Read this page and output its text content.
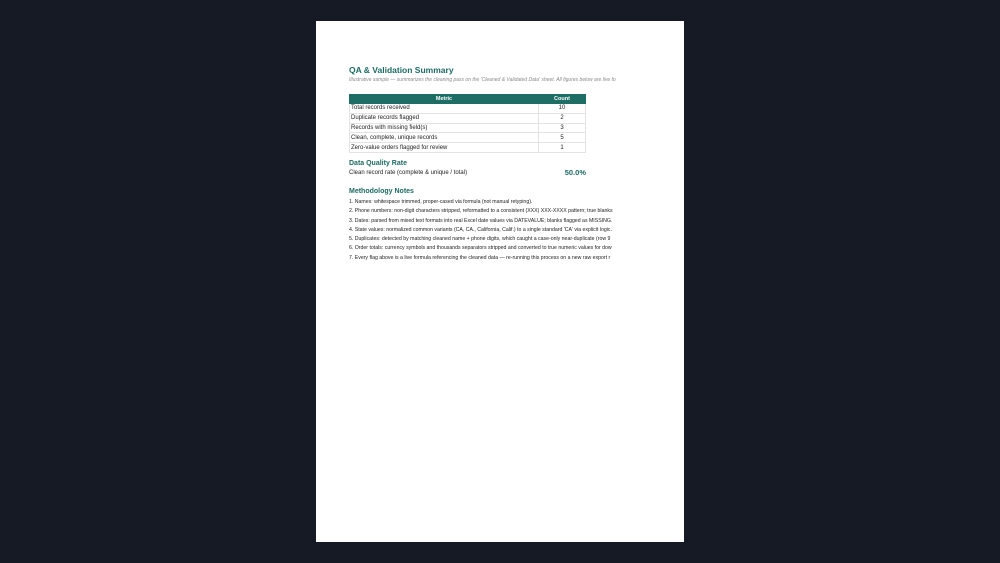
QA & Validation Summary
Illustrative sample — summarizes the cleaning pass on the 'Cleaned & Validated Data' sheet. All figures below are live fo
Metric	Count
Total records received	10
Duplicate records flagged	2
Records with missing field(s)	3
Clean, complete, unique records	5
Zero-value orders flagged for review	1
Data Quality Rate
Clean record rate (complete & unique / total)	50.0%
Methodology Notes
1. Names: whitespace trimmed, proper-cased via formula (not manual retyping).
2. Phone numbers: non-digit characters stripped, reformatted to a consistent (XXX) XXX-XXXX pattern; true blanks
3. Dates: parsed from mixed text formats into real Excel date values via DATEVALUE; blanks flagged as MISSING.
4. State values: normalized common variants (CA, CA., California, Calif.) to a single standard 'CA' via explicit logic.
5. Duplicates: detected by matching cleaned name + phone digits, which caught a case-only near-duplicate (row 9
6. Order totals: currency symbols and thousands separators stripped and converted to true numeric values for dow
7. Every flag above is a live formula referencing the cleaned data — re-running this process on a new raw export r
